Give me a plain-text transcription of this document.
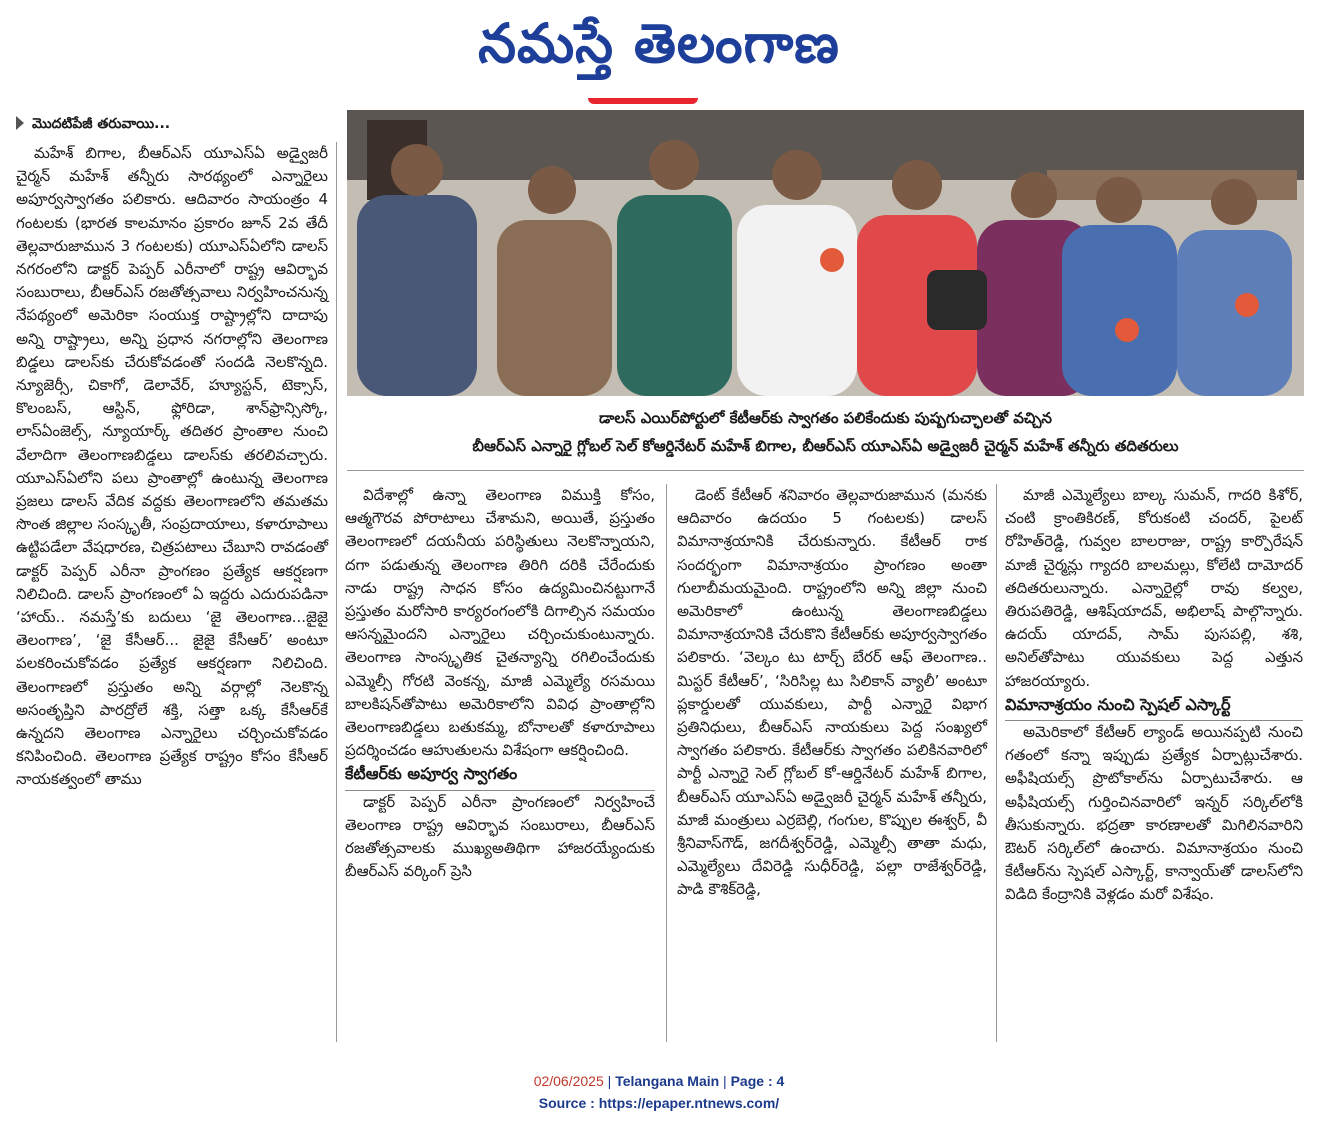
నమస్తే తెలంగాణ
మొదటిపేజీ తరువాయి...

మహేశ్ బిగాల, బీఆర్‌ఎస్ యూఎస్‌ఏ అడ్వైజరీ చైర్మన్ మహేశ్ తన్నీరు సారథ్యంలో ఎన్నారైలు అపూర్వస్వాగతం పలికారు. ఆదివారం సాయంత్రం 4 గంటలకు (భారత కాలమానం ప్రకారం జూన్ 2వ తేదీ తెల్లవారుజామున 3 గంటలకు) యూఎస్‌ఏలోని డాలస్ నగరంలోని డాక్టర్ పెప్పర్ ఎరీనాలో రాష్ట్ర ఆవిర్భావ సంబురాలు, బీఆర్‌ఎస్ రజతోత్సవాలు నిర్వహించనున్న నేపథ్యంలో అమెరికా సంయుక్త రాష్ట్రాల్లోని దాదాపు అన్ని రాష్ట్రాలు, అన్ని ప్రధాన నగరాల్లోని తెలంగాణ బిడ్డలు డాలస్‌కు చేరుకోవడంతో సందడి నెలకొన్నది. న్యూజెర్సీ, చికాగో, డెలావేర్, హ్యూస్టన్, టెక్సాస్, కొలంబస్, ఆస్టిన్, ఫ్లోరిడా, శాన్‌ఫ్రాన్సిస్కో, లాస్‌ఏంజెల్స్, న్యూయార్క్ తదితర ప్రాంతాల నుంచి వేలాదిగా తెలంగాణబిడ్డలు డాలస్‌కు తరలివచ్చారు. యూఎస్‌ఏలోని పలు ప్రాంతాల్లో ఉంటున్న తెలంగాణ ప్రజలు డాలస్ వేదిక వద్దకు తెలంగాణలోని తమతమ సొంత జిల్లాల సంస్కృతీ, సంప్రదాయాలు, కళారూపాలు ఉట్టిపడేలా వేషధారణ, చిత్రపటాలు చేబూని రావడంతో డాక్టర్ పెప్పర్ ఎరీనా ప్రాంగణం ప్రత్యేక ఆకర్షణగా నిలిచింది. డాలస్ ప్రాంగణంలో ఏ ఇద్దరు ఎదురుపడినా ‘హాయ్.. నమస్తే’కు బదులు ‘జై తెలంగాణ...జైజై తెలంగాణ’, ‘జై కేసీఆర్... జైజై కేసీఆర్’ అంటూ పలకరించుకోవడం ప్రత్యేక ఆకర్షణగా నిలిచింది. తెలంగాణలో ప్రస్తుతం అన్ని వర్గాల్లో నెలకొన్న అసంతృప్తిని పారద్రోలే శక్తి, సత్తా ఒక్క కేసీఆర్‌కే ఉన్నదని తెలంగాణ ఎన్నారైలు చర్చించుకోవడం కనిపించింది. తెలంగాణ ప్రత్యేక రాష్ట్రం కోసం కేసీఆర్ నాయకత్వంలో తాము

డాలస్ ఎయిర్‌పోర్టులో కేటీఆర్‌కు స్వాగతం పలికేందుకు పుష్పగుచ్ఛాలతో వచ్చిన
బీఆర్‌ఎస్ ఎన్నారై గ్లోబల్ సెల్ కోఆర్డినేటర్ మహేశ్ బిగాల, బీఆర్‌ఎస్ యూఎస్‌ఏ అడ్వైజరీ చైర్మన్ మహేశ్ తన్నీరు తదితరులు

విదేశాల్లో ఉన్నా తెలంగాణ విముక్తి కోసం, ఆత్మగౌరవ పోరాటాలు చేశామని, అయితే, ప్రస్తుతం తెలంగాణలో దయనీయ పరిస్థితులు నెలకొన్నాయని, దగా పడుతున్న తెలంగాణ తిరిగి దరికి చేరేందుకు నాడు రాష్ట్ర సాధన కోసం ఉద్యమించినట్టుగానే ప్రస్తుతం మరోసారి కార్యరంగంలోకి దిగాల్సిన సమయం ఆసన్నమైందని ఎన్నారైలు చర్చించుకుంటున్నారు. తెలంగాణ సాంస్కృతిక చైతన్యాన్ని రగిలించేందుకు ఎమ్మెల్సీ గోరటి వెంకన్న, మాజీ ఎమ్మెల్యే రసమయి బాలకిషన్‌తోపాటు అమెరికాలోని వివిధ ప్రాంతాల్లోని తెలంగాణబిడ్డలు బతుకమ్మ, బోనాలతో కళారూపాలు ప్రదర్శించడం ఆహుతులను విశేషంగా ఆకర్షించింది.

కేటీఆర్‌కు అపూర్వ స్వాగతం

డాక్టర్ పెప్పర్ ఎరీనా ప్రాంగణంలో నిర్వహించే తెలంగాణ రాష్ట్ర ఆవిర్భావ సంబురాలు, బీఆర్‌ఎస్ రజతోత్సవాలకు ముఖ్యఅతిథిగా హాజరయ్యేందుకు బీఆర్‌ఎస్ వర్కింగ్ ప్రెసి

డెంట్ కేటీఆర్ శనివారం తెల్లవారుజామున (మనకు ఆదివారం ఉదయం 5 గంటలకు) డాలస్ విమానాశ్రయానికి చేరుకున్నారు. కేటీఆర్ రాక సందర్భంగా విమానాశ్రయం ప్రాంగణం అంతా గులాబీమయమైంది. రాష్ట్రంలోని అన్ని జిల్లా నుంచి అమెరికాలో ఉంటున్న తెలంగాణబిడ్డలు విమానాశ్రయానికి చేరుకొని కేటీఆర్‌కు అపూర్వస్వాగతం పలికారు. ‘వెల్కం టు టార్చ్ బేరర్ ఆఫ్ తెలంగాణ.. మిస్టర్ కేటీఆర్’, ‘సిరిసిల్ల టు సిలికాన్ వ్యాలీ’ అంటూ ప్లకార్డులతో యువకులు, పార్టీ ఎన్నారై విభాగ ప్రతినిధులు, బీఆర్‌ఎస్ నాయకులు పెద్ద సంఖ్యలో స్వాగతం పలికారు. కేటీఆర్‌కు స్వాగతం పలికినవారిలో పార్టీ ఎన్నారై సెల్ గ్లోబల్ కో-ఆర్డినేటర్ మహేశ్ బిగాల, బీఆర్‌ఎస్ యూఎస్‌ఏ అడ్వైజరీ చైర్మన్ మహేశ్ తన్నీరు, మాజీ మంత్రులు ఎర్రబెల్లి, గంగుల, కొప్పుల ఈశ్వర్, వీ శ్రీనివాస్‌గౌడ్, జగదీశ్వర్‌రెడ్డి, ఎమ్మెల్సీ తాతా మధు, ఎమ్మెల్యేలు దేవిరెడ్డి సుధీర్‌రెడ్డి, పల్లా రాజేశ్వర్‌రెడ్డి, పాడి కౌశిక్‌రెడ్డి,

మాజీ ఎమ్మెల్యేలు బాల్క సుమన్, గాదరి కిశోర్, చంటి క్రాంతికిరణ్, కోరుకంటి చందర్, పైలట్ రోహిత్‌రెడ్డి, గువ్వల బాలరాజు, రాష్ట్ర కార్పొరేషన్ మాజీ చైర్మన్లు గ్యాదరి బాలమల్లు, కోలేటి దామోదర్ తదితరులున్నారు. ఎన్నారైల్లో రావు కల్వల, తిరుపతిరెడ్డి, ఆశిష్‌యాదవ్, అభిలాష్ పాల్గొన్నారు. ఉదయ్ యాదవ్, సామ్ పుసపల్లి, శశి, అనిల్‌తోపాటు యువకులు పెద్ద ఎత్తున హాజరయ్యారు.

విమానాశ్రయం నుంచి స్పెషల్ ఎస్కార్ట్

అమెరికాలో కేటీఆర్ ల్యాండ్ అయినప్పటి నుంచి గతంలో కన్నా ఇప్పుడు ప్రత్యేక ఏర్పాట్లుచేశారు. అఫీషియల్స్ ప్రొటోకాల్‌ను ఏర్పాటుచేశారు. ఆ అఫీషియల్స్ గుర్తించినవారిలో ఇన్నర్ సర్కిల్‌లోకి తీసుకున్నారు. భద్రతా కారణాలతో మిగిలినవారిని ఔటర్ సర్కిల్‌లో ఉంచారు. విమానాశ్రయం నుంచి కేటీఆర్‌ను స్పెషల్ ఎస్కార్ట్, కాన్వాయ్‌తో డాలస్‌లోని విడిది కేంద్రానికి వెళ్లడం మరో విశేషం.

02/06/2025 | Telangana Main | Page : 4
Source : https://epaper.ntnews.com/
